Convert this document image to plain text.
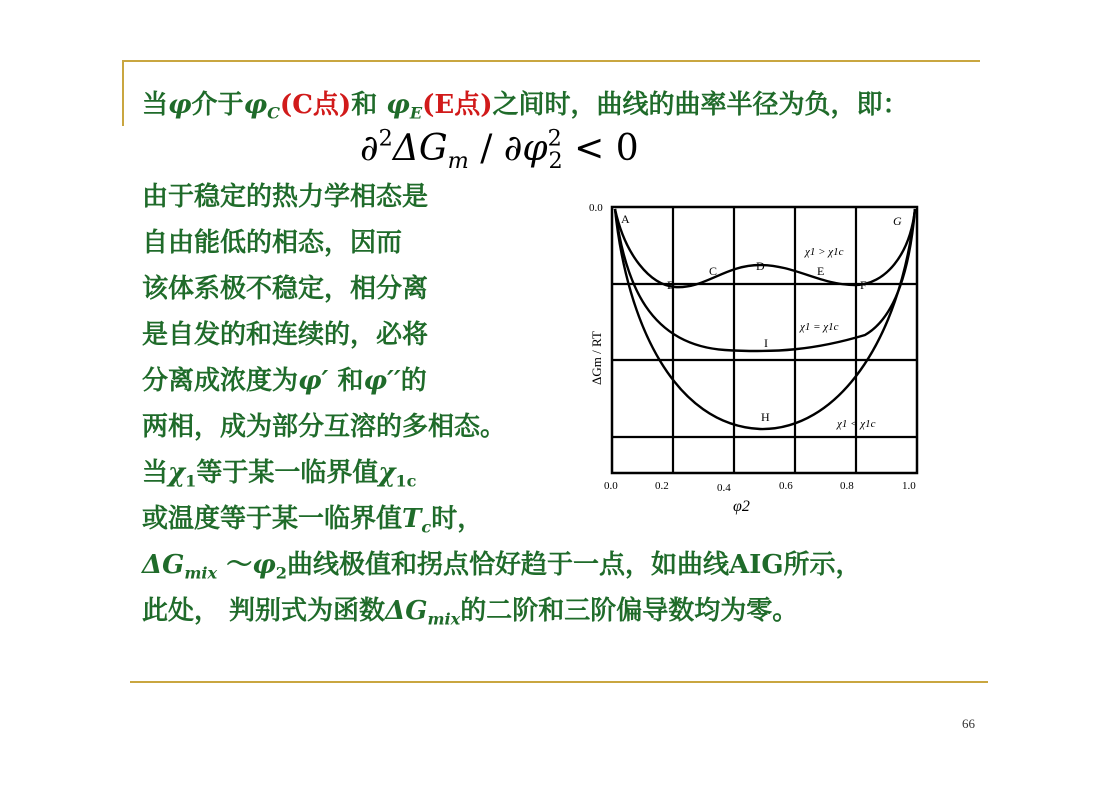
当φ介于$\varphi_C(C$点)和 $\varphi_E(E$点)之间时，曲线的曲率半径为负，即：
$\partial^2\Delta G_m / \partial\varphi^2_2 < 0$
由于稳定的热力学相态是
自由能低的相态，因而
该体系极不稳定，相分离
是自发的和连续的，必将
分离成浓度为φ′ 和φ′′的
两相，成为部分互溶的多相态。
当$\chi_1$等于某一临界值$\chi_{1c}$
或温度等于某一临界值$T_c$时，
$\Delta G_{mix}$ $\sim\varphi_2$曲线极值和拐点恰好趋于一点，如曲线AIG所示，
此处， 判别式为函数$\Delta G_{mix}$的二阶和三阶偏导数均为零。
0.0
ΔGm / RT
0.0	0.2	0.4	0.6	0.8	1.0
φ2
A
B
C	D	E
F
G
I
H
χ1 > χ1c
χ1 = χ1c
χ1 < χ1c
66
